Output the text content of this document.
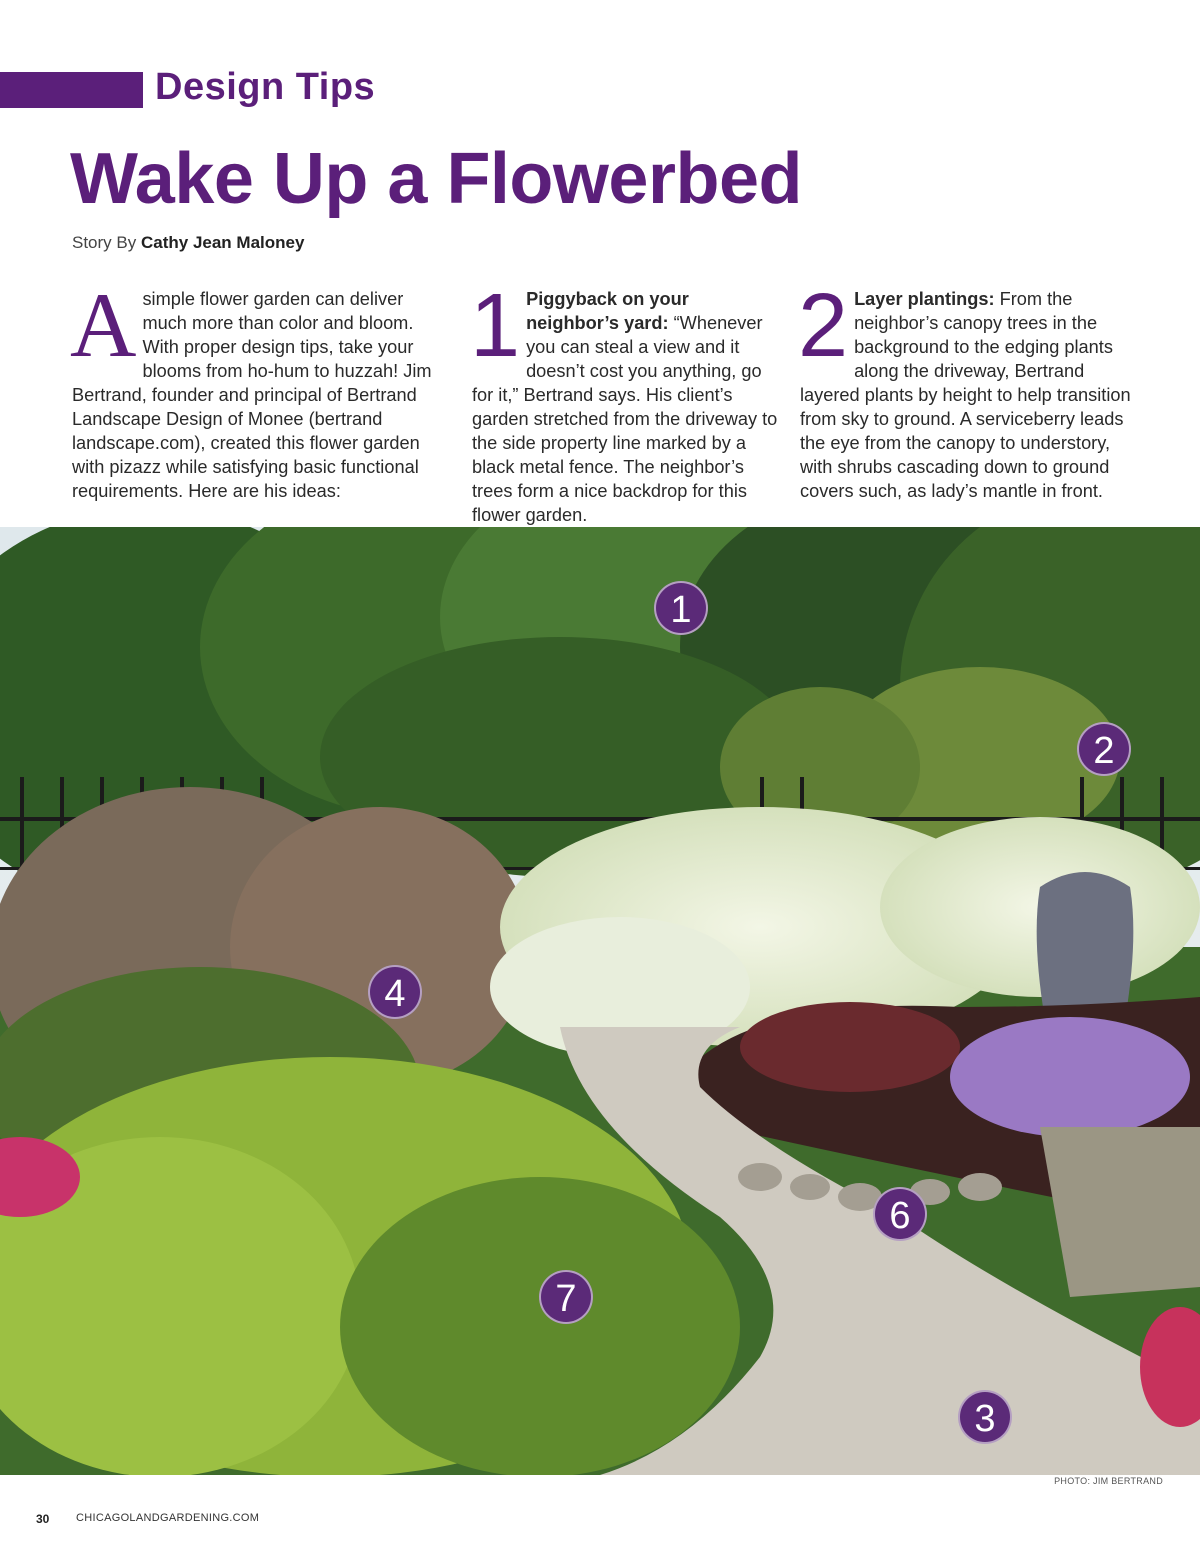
Design Tips
Wake Up a Flowerbed
Story By Cathy Jean Maloney
Asimple flower garden can deliver much more than color and bloom. With proper design tips, take your blooms from ho-hum to huzzah! Jim Bertrand, founder and principal of Bertrand Landscape Design of Monee (bertrand landscape.com), created this flower garden with pizazz while satisfying basic functional requirements. Here are his ideas:
1 Piggyback on your neighbor’s yard: “Whenever you can steal a view and it doesn’t cost you anything, go for it,” Bertrand says. His client’s garden stretched from the driveway to the side property line marked by a black metal fence. The neighbor’s trees form a nice backdrop for this flower garden.
2 Layer plantings: From the neighbor’s canopy trees in the background to the edging plants along the driveway, Bertrand layered plants by height to help transition from sky to ground. A serviceberry leads the eye from the canopy to understory, with shrubs cascading down to ground covers such, as lady’s mantle in front.
1
2
3
4
6
7
PHOTO: JIM BERTRAND
30 CHICAGOLANDGARDENING.COM
